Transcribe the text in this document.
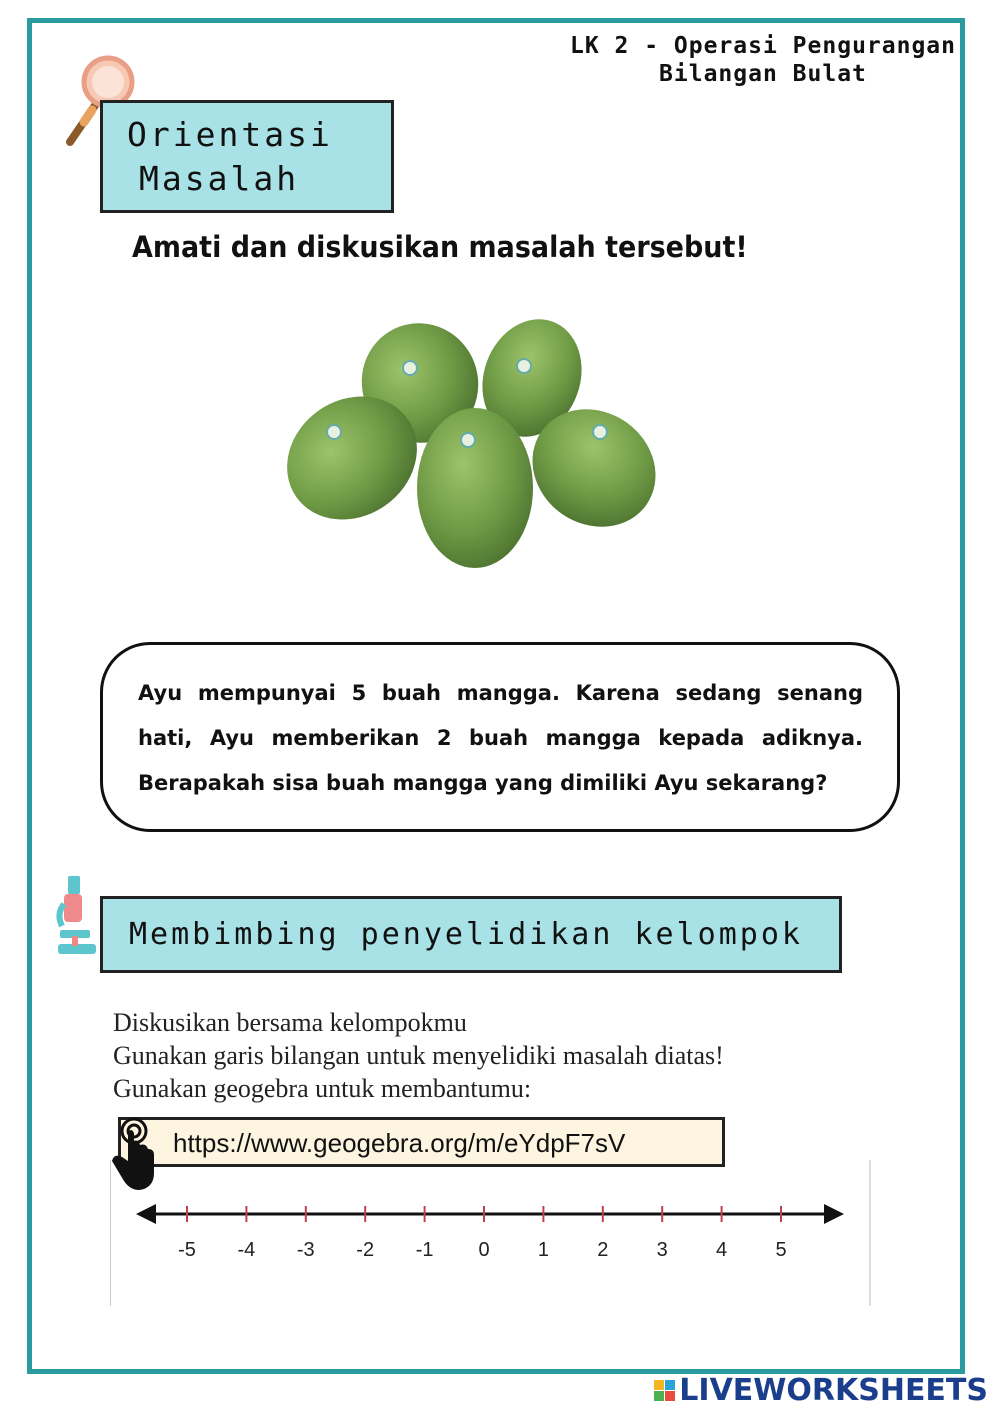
LK 2 - Operasi Pengurangan
Bilangan Bulat
Orientasi
Masalah
Amati dan diskusikan masalah tersebut!
Ayu mempunyai 5 buah mangga. Karena sedang senang hati, Ayu memberikan 2 buah mangga kepada adiknya. Berapakah sisa buah mangga yang dimiliki Ayu sekarang?
Membimbing penyelidikan kelompok
Diskusikan bersama kelompokmu
Gunakan garis bilangan untuk menyelidiki masalah diatas!
Gunakan geogebra untuk membantumu:
https://www.geogebra.org/m/eYdpF7sV
-5 -4 -3 -2 -1 0 1 2 3 4 5
LIVEWORKSHEETS
